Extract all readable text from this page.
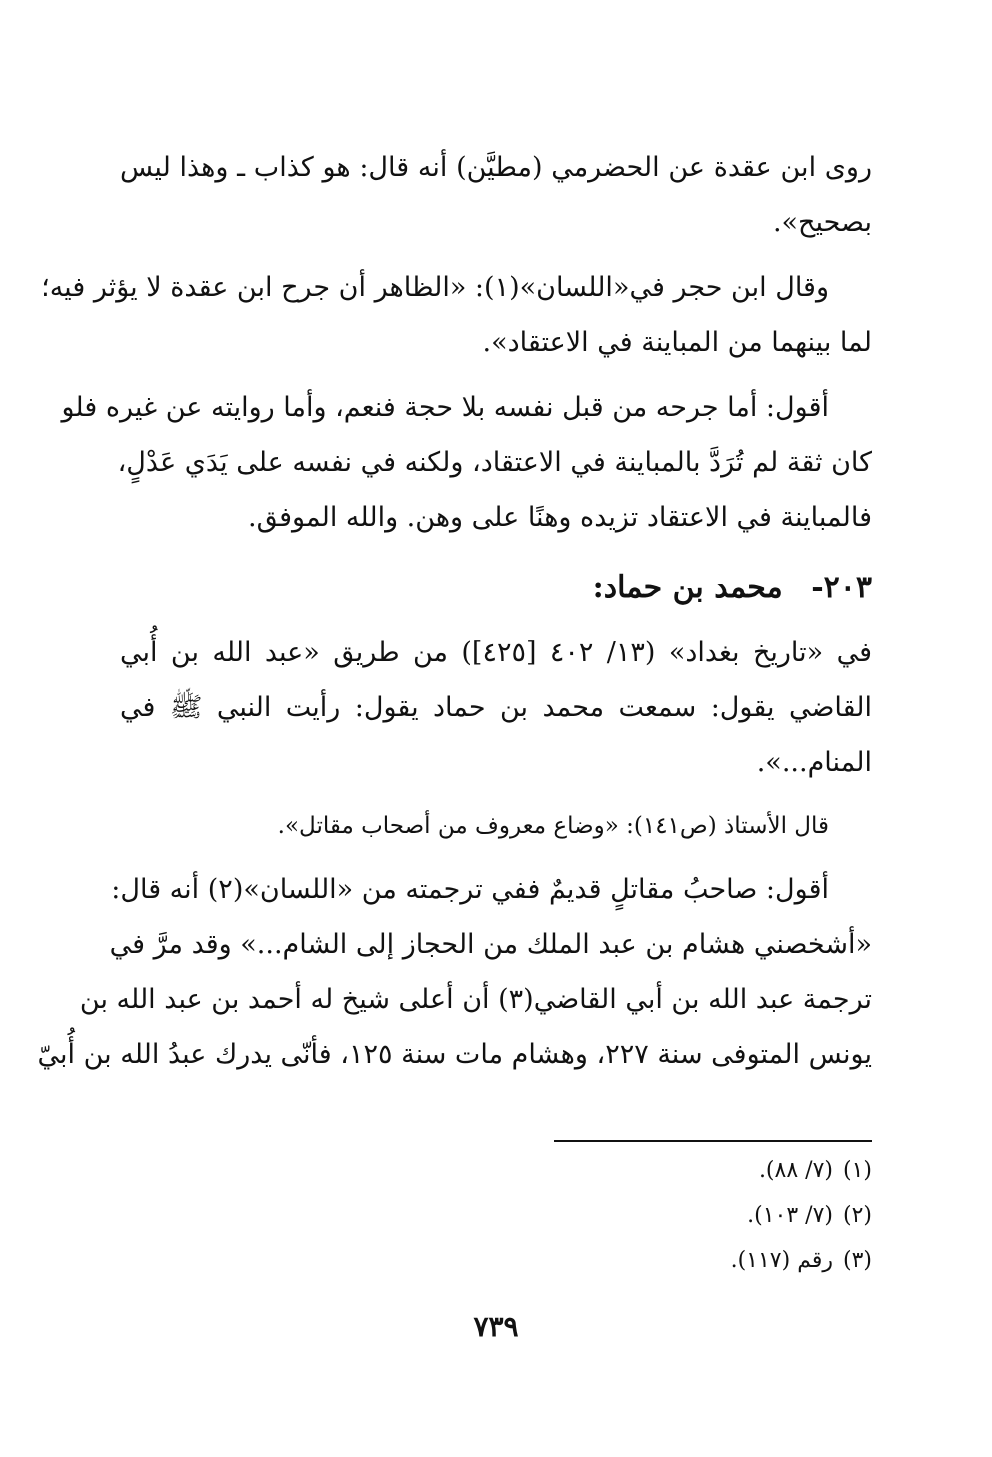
روى ابن عقدة عن الحضرمي (مطيَّن) أنه قال: هو كذاب ـ وهذا ليس
بصحيح».
وقال ابن حجر في«اللسان»(١): «الظاهر أن جرح ابن عقدة لا يؤثر فيه؛
لما بينهما من المباينة في الاعتقاد».
أقول: أما جرحه من قبل نفسه بلا حجة فنعم، وأما روايته عن غيره فلو
كان ثقة لم تُرَدَّ بالمباينة في الاعتقاد، ولكنه في نفسه على يَدَي عَدْلٍ،
فالمباينة في الاعتقاد تزيده وهنًا على وهن. والله الموفق.
في «تاريخ بغداد» (١٣/ ٤٠٢ [٤٢٥]) من طريق «عبد الله بن أُبي
القاضي يقول: سمعت محمد بن حماد يقول: رأيت النبي ﷺ في
المنام...».
قال الأستاذ (ص١٤١): «وضاع معروف من أصحاب مقاتل».
أقول: صاحبُ مقاتلٍ قديمٌ ففي ترجمته من «اللسان»(٢) أنه قال:
«أشخصني هشام بن عبد الملك من الحجاز إلى الشام...» وقد مرَّ في
ترجمة عبد الله بن أبي القاضي(٣) أن أعلى شيخ له أحمد بن عبد الله بن
يونس المتوفى سنة ٢٢٧، وهشام مات سنة ١٢٥، فأنّى يدرك عبدُ الله بن أُبيّ
٢٠٣- محمد بن حماد:
(١)(٧/ ٨٨).
(٢)(٧/ ١٠٣).
(٣)رقم (١١٧).
٧٣٩
